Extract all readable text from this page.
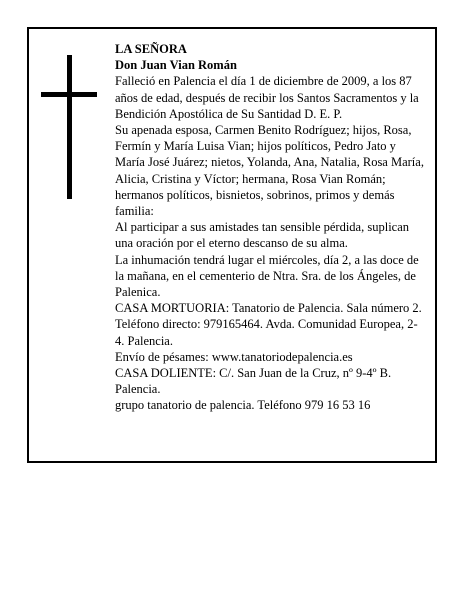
LA SEÑORA

Don Juan Vian Román

Falleció en Palencia el día 1 de diciembre de 2009, a los 87 años de edad, después de recibir los Santos Sacramentos y la Bendición Apostólica de Su Santidad D. E. P.

Su apenada esposa, Carmen Benito Rodríguez; hijos, Rosa, Fermín y María Luisa Vian; hijos políticos, Pedro Jato y María José Juárez; nietos, Yolanda, Ana, Natalia, Rosa María, Alicia, Cristina y Víctor; hermana, Rosa Vian Román; hermanos políticos, bisnietos, sobrinos, primos y demás familia:

Al participar a sus amistades tan sensible pérdida, suplican una oración por el eterno descanso de su alma.

La inhumación tendrá lugar el miércoles, día 2, a las doce de la mañana, en el cementerio de Ntra. Sra. de los Ángeles, de Palenica.

CASA MORTUORIA: Tanatorio de Palencia. Sala número 2. Teléfono directo: 979165464. Avda. Comunidad Europea, 2-4. Palencia.

Envío de pésames: www.tanatoriodepalencia.es

CASA DOLIENTE: C/. San Juan de la Cruz, nº 9-4º B. Palencia.

grupo tanatorio de palencia. Teléfono 979 16 53 16
